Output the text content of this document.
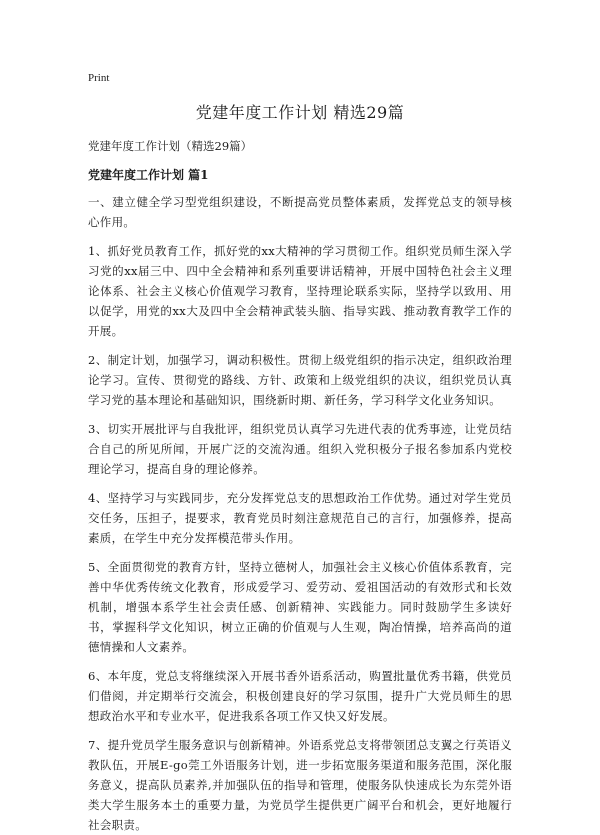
Print
党建年度工作计划 精选29篇
党建年度工作计划（精选29篇）
党建年度工作计划 篇1

一、建立健全学习型党组织建设，不断提高党员整体素质，发挥党总支的领导核心作用。

1、抓好党员教育工作，抓好党的xx大精神的学习贯彻工作。组织党员师生深入学习党的xx届三中、四中全会精神和系列重要讲话精神，开展中国特色社会主义理论体系、社会主义核心价值观学习教育，坚持理论联系实际，坚持学以致用、用以促学，用党的xx大及四中全会精神武装头脑、指导实践、推动教育教学工作的开展。

2、制定计划，加强学习，调动积极性。贯彻上级党组织的指示决定，组织政治理论学习。宣传、贯彻党的路线、方针、政策和上级党组织的决议，组织党员认真学习党的基本理论和基础知识，围绕新时期、新任务，学习科学文化业务知识。

3、切实开展批评与自我批评，组织党员认真学习先进代表的优秀事迹，让党员结合自己的所见所闻，开展广泛的交流沟通。组织入党积极分子报名参加系内党校理论学习，提高自身的理论修养。

4、坚持学习与实践同步，充分发挥党总支的思想政治工作优势。通过对学生党员交任务，压担子，提要求，教育党员时刻注意规范自己的言行，加强修养，提高素质，在学生中充分发挥模范带头作用。

5、全面贯彻党的教育方针，坚持立德树人，加强社会主义核心价值体系教育，完善中华优秀传统文化教育，形成爱学习、爱劳动、爱祖国活动的有效形式和长效机制，增强本系学生社会责任感、创新精神、实践能力。同时鼓励学生多读好书，掌握科学文化知识，树立正确的价值观与人生观，陶冶情操，培养高尚的道德情操和人文素养。

6、本年度，党总支将继续深入开展书香外语系活动，购置批量优秀书籍，供党员们借阅，并定期举行交流会，积极创建良好的学习氛围，提升广大党员师生的思想政治水平和专业水平，促进我系各项工作又快又好发展。

7、提升党员学生服务意识与创新精神。外语系党总支将带领团总支翼之行英语义教队伍，开展E-go莞工外语服务计划，进一步拓宽服务渠道和服务范围，深化服务意义，提高队员素养,并加强队伍的指导和管理，使服务队快速成长为东莞外语类大学生服务本土的重要力量，为党员学生提供更广阔平台和机会，更好地履行社会职责。
